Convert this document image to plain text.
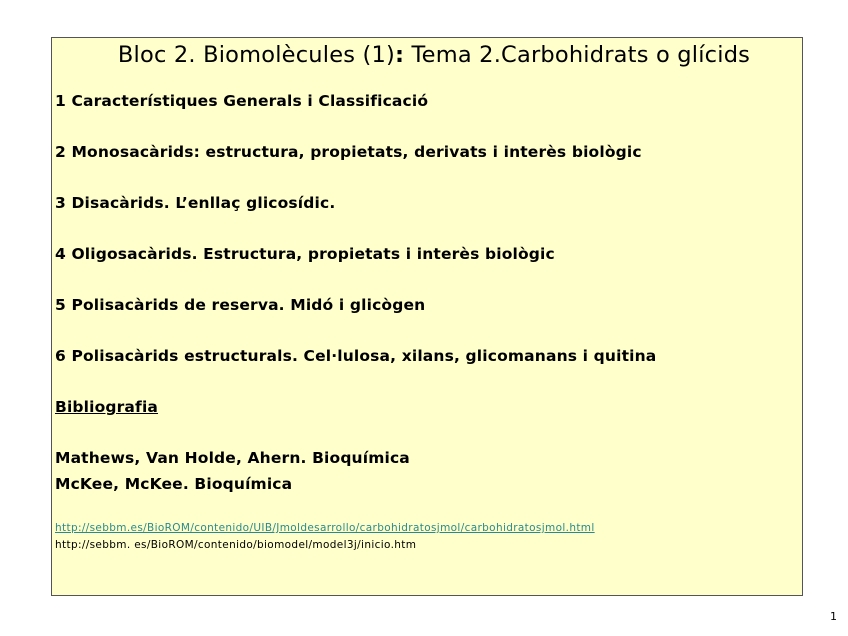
Bloc 2. Biomolècules (1): Tema 2.Carbohidrats o glícids
1 Característiques Generals i Classificació
2 Monosacàrids: estructura, propietats, derivats i interès biològic
3 Disacàrids. L’enllaç glicosídic.
4 Oligosacàrids. Estructura, propietats i interès biològic
5 Polisacàrids de reserva. Midó i glicògen
6 Polisacàrids estructurals. Cel·lulosa, xilans, glicomanans i quitina
Bibliografia
Mathews, Van Holde, Ahern. Bioquímica
McKee, McKee. Bioquímica
http://sebbm.es/BioROM/contenido/UIB/Jmoldesarrollo/carbohidratosjmol/carbohidratosjmol.html
http://sebbm. es/BioROM/contenido/biomodel/model3j/inicio.htm
1
